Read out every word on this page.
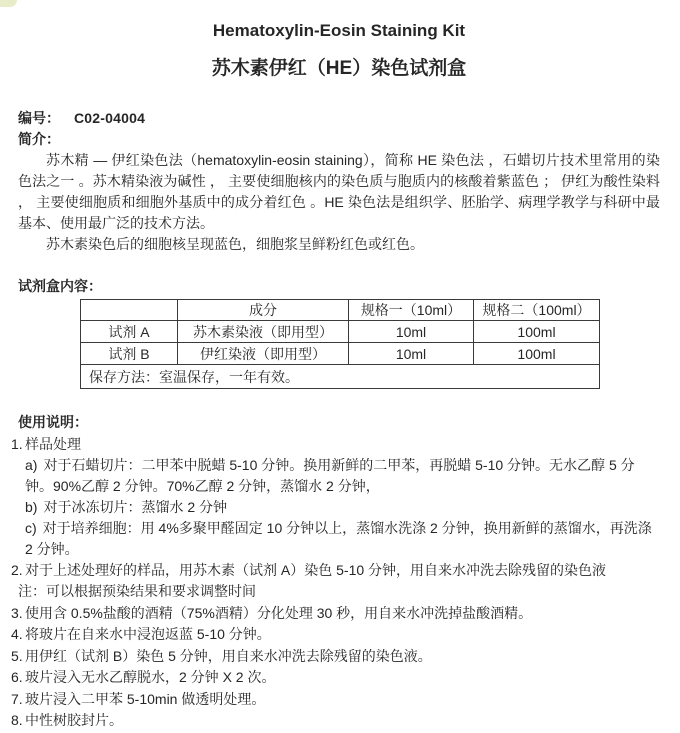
Hematoxylin-Eosin Staining Kit
苏木素伊红（HE）染色试剂盒
编号： C02-04004
简介：

苏木精 — 伊红染色法（hematoxylin-eosin staining），简称 HE 染色法 ，石蜡切片技术里常用的染色法之一 。苏木精染液为碱性 ， 主要使细胞核内的染色质与胞质内的核酸着紫蓝色 ； 伊红为酸性染料 ， 主要使细胞质和细胞外基质中的成分着红色 。HE 染色法是组织学、胚胎学、病理学教学与科研中最基本、使用最广泛的技术方法。

苏木素染色后的细胞核呈现蓝色，细胞浆呈鲜粉红色或红色。

试剂盒内容：
	成分	规格一（10ml）	规格二（100ml）
试剂 A	苏木素染液（即用型）	10ml	100ml
试剂 B	伊红染液（即用型）	10ml	100ml
保存方法：室温保存，一年有效。			
使用说明：
1. 样品处理
a) 对于石蜡切片：二甲苯中脱蜡 5-10 分钟。换用新鲜的二甲苯，再脱蜡 5-10 分钟。无水乙醇 5 分钟。90%乙醇 2 分钟。70%乙醇 2 分钟，蒸馏水 2 分钟，
b) 对于冰冻切片：蒸馏水 2 分钟
c) 对于培养细胞：用 4%多聚甲醛固定 10 分钟以上，蒸馏水洗涤 2 分钟，换用新鲜的蒸馏水，再洗涤 2 分钟。
2. 对于上述处理好的样品，用苏木素（试剂 A）染色 5-10 分钟，用自来水冲洗去除残留的染色液
注：可以根据预染结果和要求调整时间
3. 使用含 0.5%盐酸的酒精（75%酒精）分化处理 30 秒，用自来水冲洗掉盐酸酒精。
4. 将玻片在自来水中浸泡返蓝 5-10 分钟。
5. 用伊红（试剂 B）染色 5 分钟，用自来水冲洗去除残留的染色液。
6. 玻片浸入无水乙醇脱水，2 分钟 X 2 次。
7. 玻片浸入二甲苯 5-10min 做透明处理。
8. 中性树胶封片。
